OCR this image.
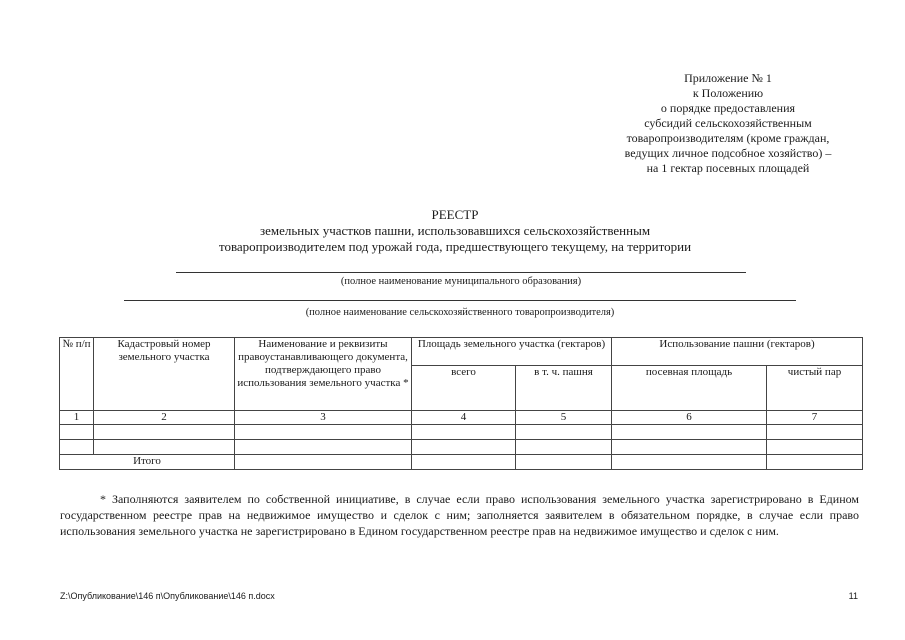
Приложение № 1
к Положению
о порядке предоставления
субсидий сельскохозяйственным
товаропроизводителям (кроме граждан,
ведущих личное подсобное хозяйство) –
на 1 гектар посевных площадей
РЕЕСТР
земельных участков пашни, использовавшихся сельскохозяйственным
товаропроизводителем под урожай года, предшествующего текущему, на территории
(полное наименование муниципального образования)
(полное наименование сельскохозяйственного товаропроизводителя)
№ п/п	Кадастровый номер земельного участка	Наименование и реквизиты правоустанавливающего документа, подтверждающего право использования земельного участка *	Площадь земельного участка (гектаров)		Использование пашни (гектаров)	
			всего	в т. ч. пашня	посевная площадь	чистый пар
1	2	3	4	5	6	7

Итого						

* Заполняются заявителем по собственной инициативе, в случае если право использования земельного участка зарегистрировано в Едином государственном реестре прав на недвижимое имущество и сделок с ним; заполняется заявителем в обязательном порядке, в случае если право использования земельного участка не зарегистрировано в Едином государственном реестре прав на недвижимое имущество и сделок с ним.

Z:\Опубликование\146 п\Опубликование\146 п.docx	11
